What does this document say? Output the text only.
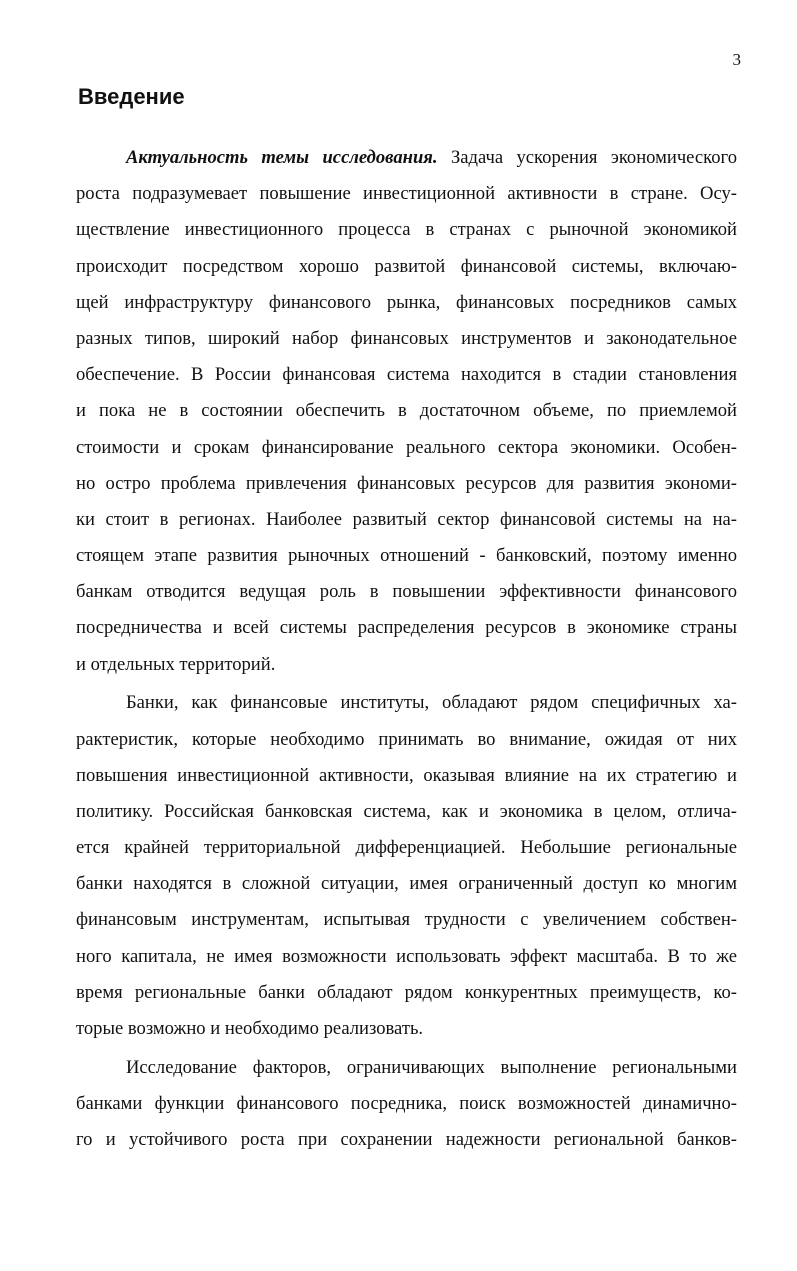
3
Введение
Актуальность темы исследования. Задача ускорения экономического
роста подразумевает повышение инвестиционной активности в стране. Осу-
ществление инвестиционного процесса в странах с рыночной экономикой
происходит посредством хорошо развитой финансовой системы, включаю-
щей инфраструктуру финансового рынка, финансовых посредников самых
разных типов, широкий набор финансовых инструментов и законодательное
обеспечение. В России финансовая система находится в стадии становления
и пока не в состоянии обеспечить в достаточном объеме, по приемлемой
стоимости и срокам финансирование реального сектора экономики. Особен-
но остро проблема привлечения финансовых ресурсов для развития экономи-
ки стоит в регионах. Наиболее развитый сектор финансовой системы на на-
стоящем этапе развития рыночных отношений - банковский, поэтому именно
банкам отводится ведущая роль в повышении эффективности финансового
посредничества и всей системы распределения ресурсов в экономике страны
и отдельных территорий.
Банки, как финансовые институты, обладают рядом специфичных ха-
рактеристик, которые необходимо принимать во внимание, ожидая от них
повышения инвестиционной активности, оказывая влияние на их стратегию и
политику. Российская банковская система, как и экономика в целом, отлича-
ется крайней территориальной дифференциацией. Небольшие региональные
банки находятся в сложной ситуации, имея ограниченный доступ ко многим
финансовым инструментам, испытывая трудности с увеличением собствен-
ного капитала, не имея возможности использовать эффект масштаба. В то же
время региональные банки обладают рядом конкурентных преимуществ, ко-
торые возможно и необходимо реализовать.
Исследование факторов, ограничивающих выполнение региональными
банками функции финансового посредника, поиск возможностей динамично-
го и устойчивого роста при сохранении надежности региональной банков-
